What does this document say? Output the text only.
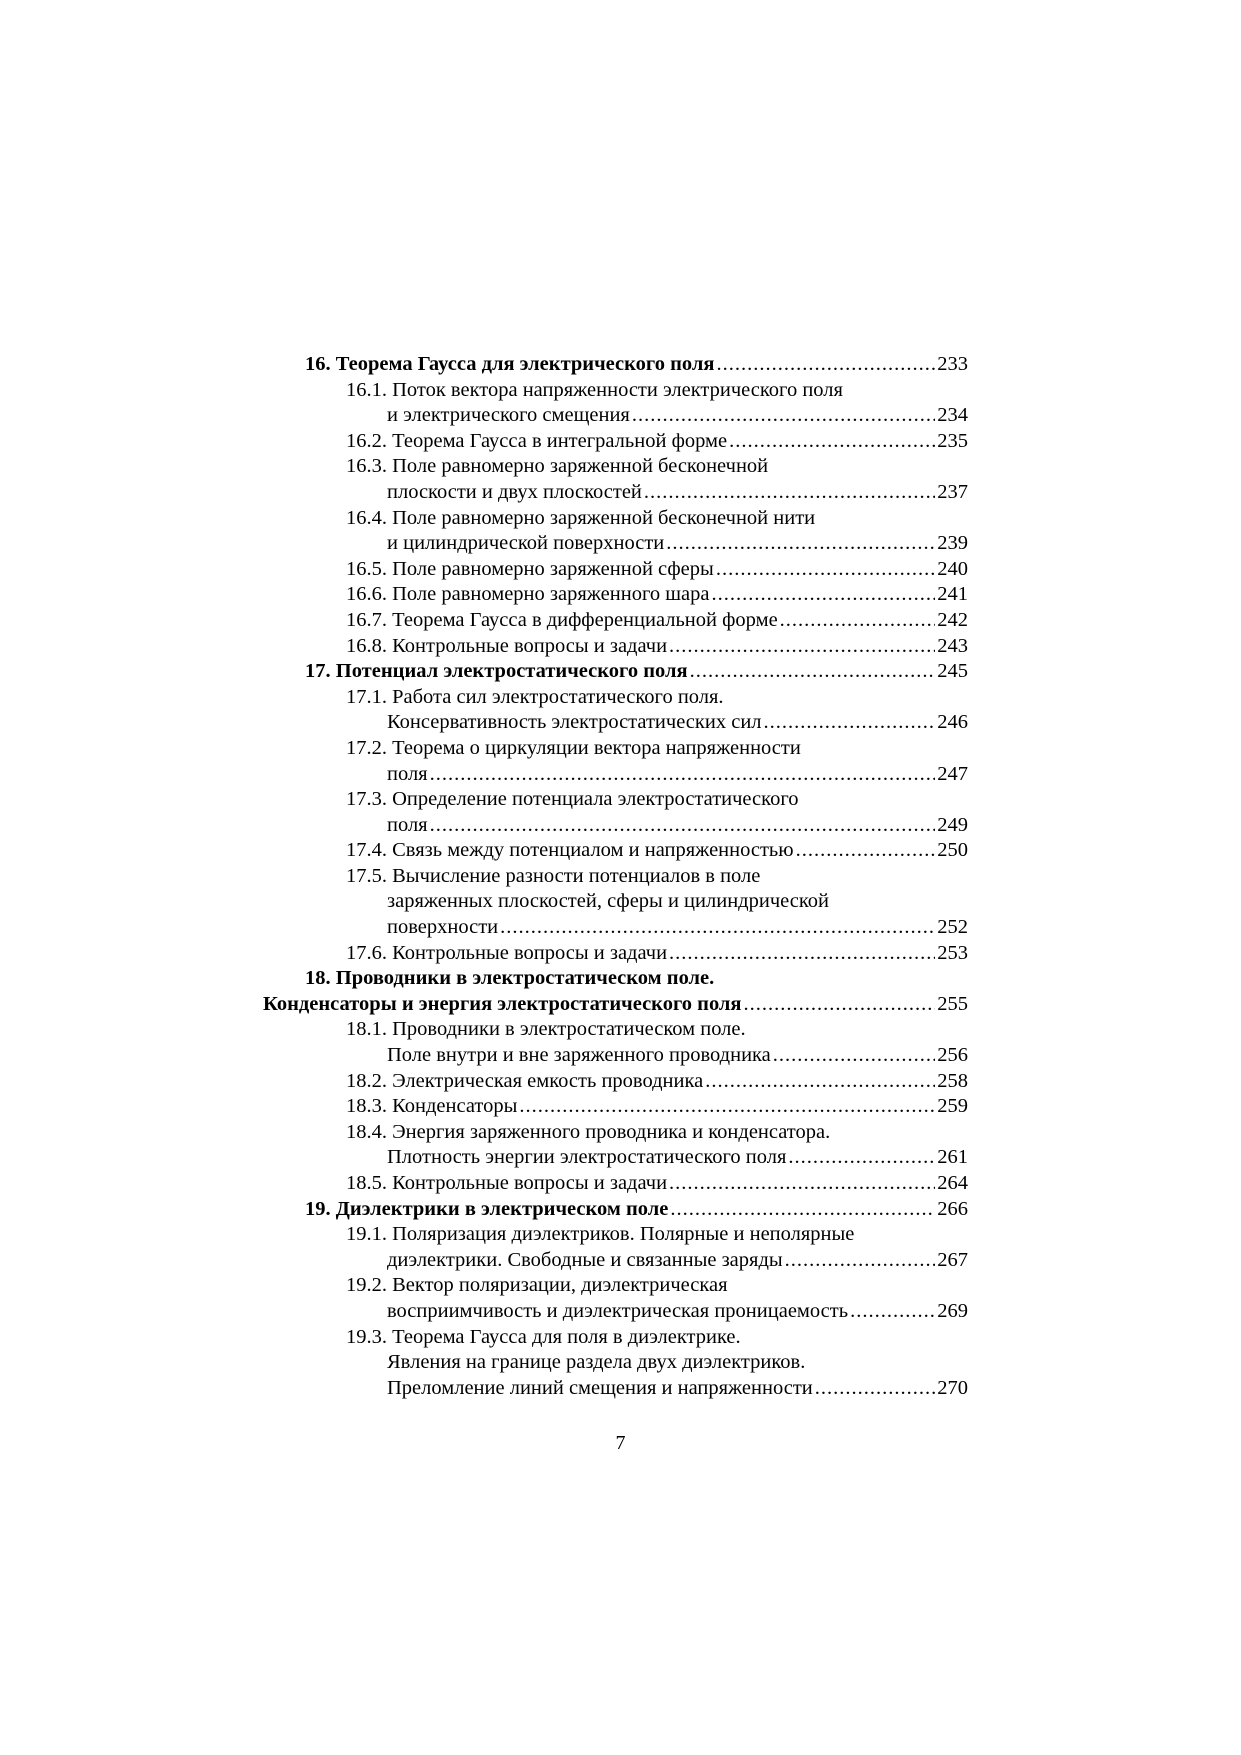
16. Теорема Гаусса для электрического поля .....	233
16.1. Поток вектора напряженности электрического поля
и электрического смещения .....	234
16.2. Теорема Гаусса в интегральной форме .....	235
16.3. Поле равномерно заряженной бесконечной
плоскости и двух плоскостей .....	237
16.4. Поле равномерно заряженной бесконечной нити
и цилиндрической поверхности .....	239
16.5. Поле равномерно заряженной сферы .....	240
16.6. Поле равномерно заряженного шара .....	241
16.7. Теорема Гаусса в дифференциальной форме .....	242
16.8. Контрольные вопросы и задачи .....	243
17. Потенциал электростатического поля .....	245
17.1. Работа сил электростатического поля.
Консервативность электростатических сил .....	246
17.2. Теорема о циркуляции вектора напряженности
поля .....	247
17.3. Определение потенциала электростатического
поля .....	249
17.4. Связь между потенциалом и напряженностью .....	250
17.5. Вычисление разности потенциалов в поле
заряженных плоскостей, сферы и цилиндрической
поверхности .....	252
17.6. Контрольные вопросы и задачи .....	253
18. Проводники в электростатическом поле.
Конденсаторы и энергия электростатического поля .....	255
18.1. Проводники в электростатическом поле.
Поле внутри и вне заряженного проводника .....	256
18.2. Электрическая емкость проводника .....	258
18.3. Конденсаторы .....	259
18.4. Энергия заряженного проводника и конденсатора.
Плотность энергии электростатического поля .....	261
18.5. Контрольные вопросы и задачи .....	264
19. Диэлектрики в электрическом поле .....	266
19.1. Поляризация диэлектриков. Полярные и неполярные
диэлектрики. Свободные и связанные заряды .....	267
19.2. Вектор поляризации, диэлектрическая
восприимчивость и диэлектрическая проницаемость .....	269
19.3. Теорема Гаусса для поля в диэлектрике.
Явления на границе раздела двух диэлектриков.
Преломление линий смещения и напряженности .....	270
7
